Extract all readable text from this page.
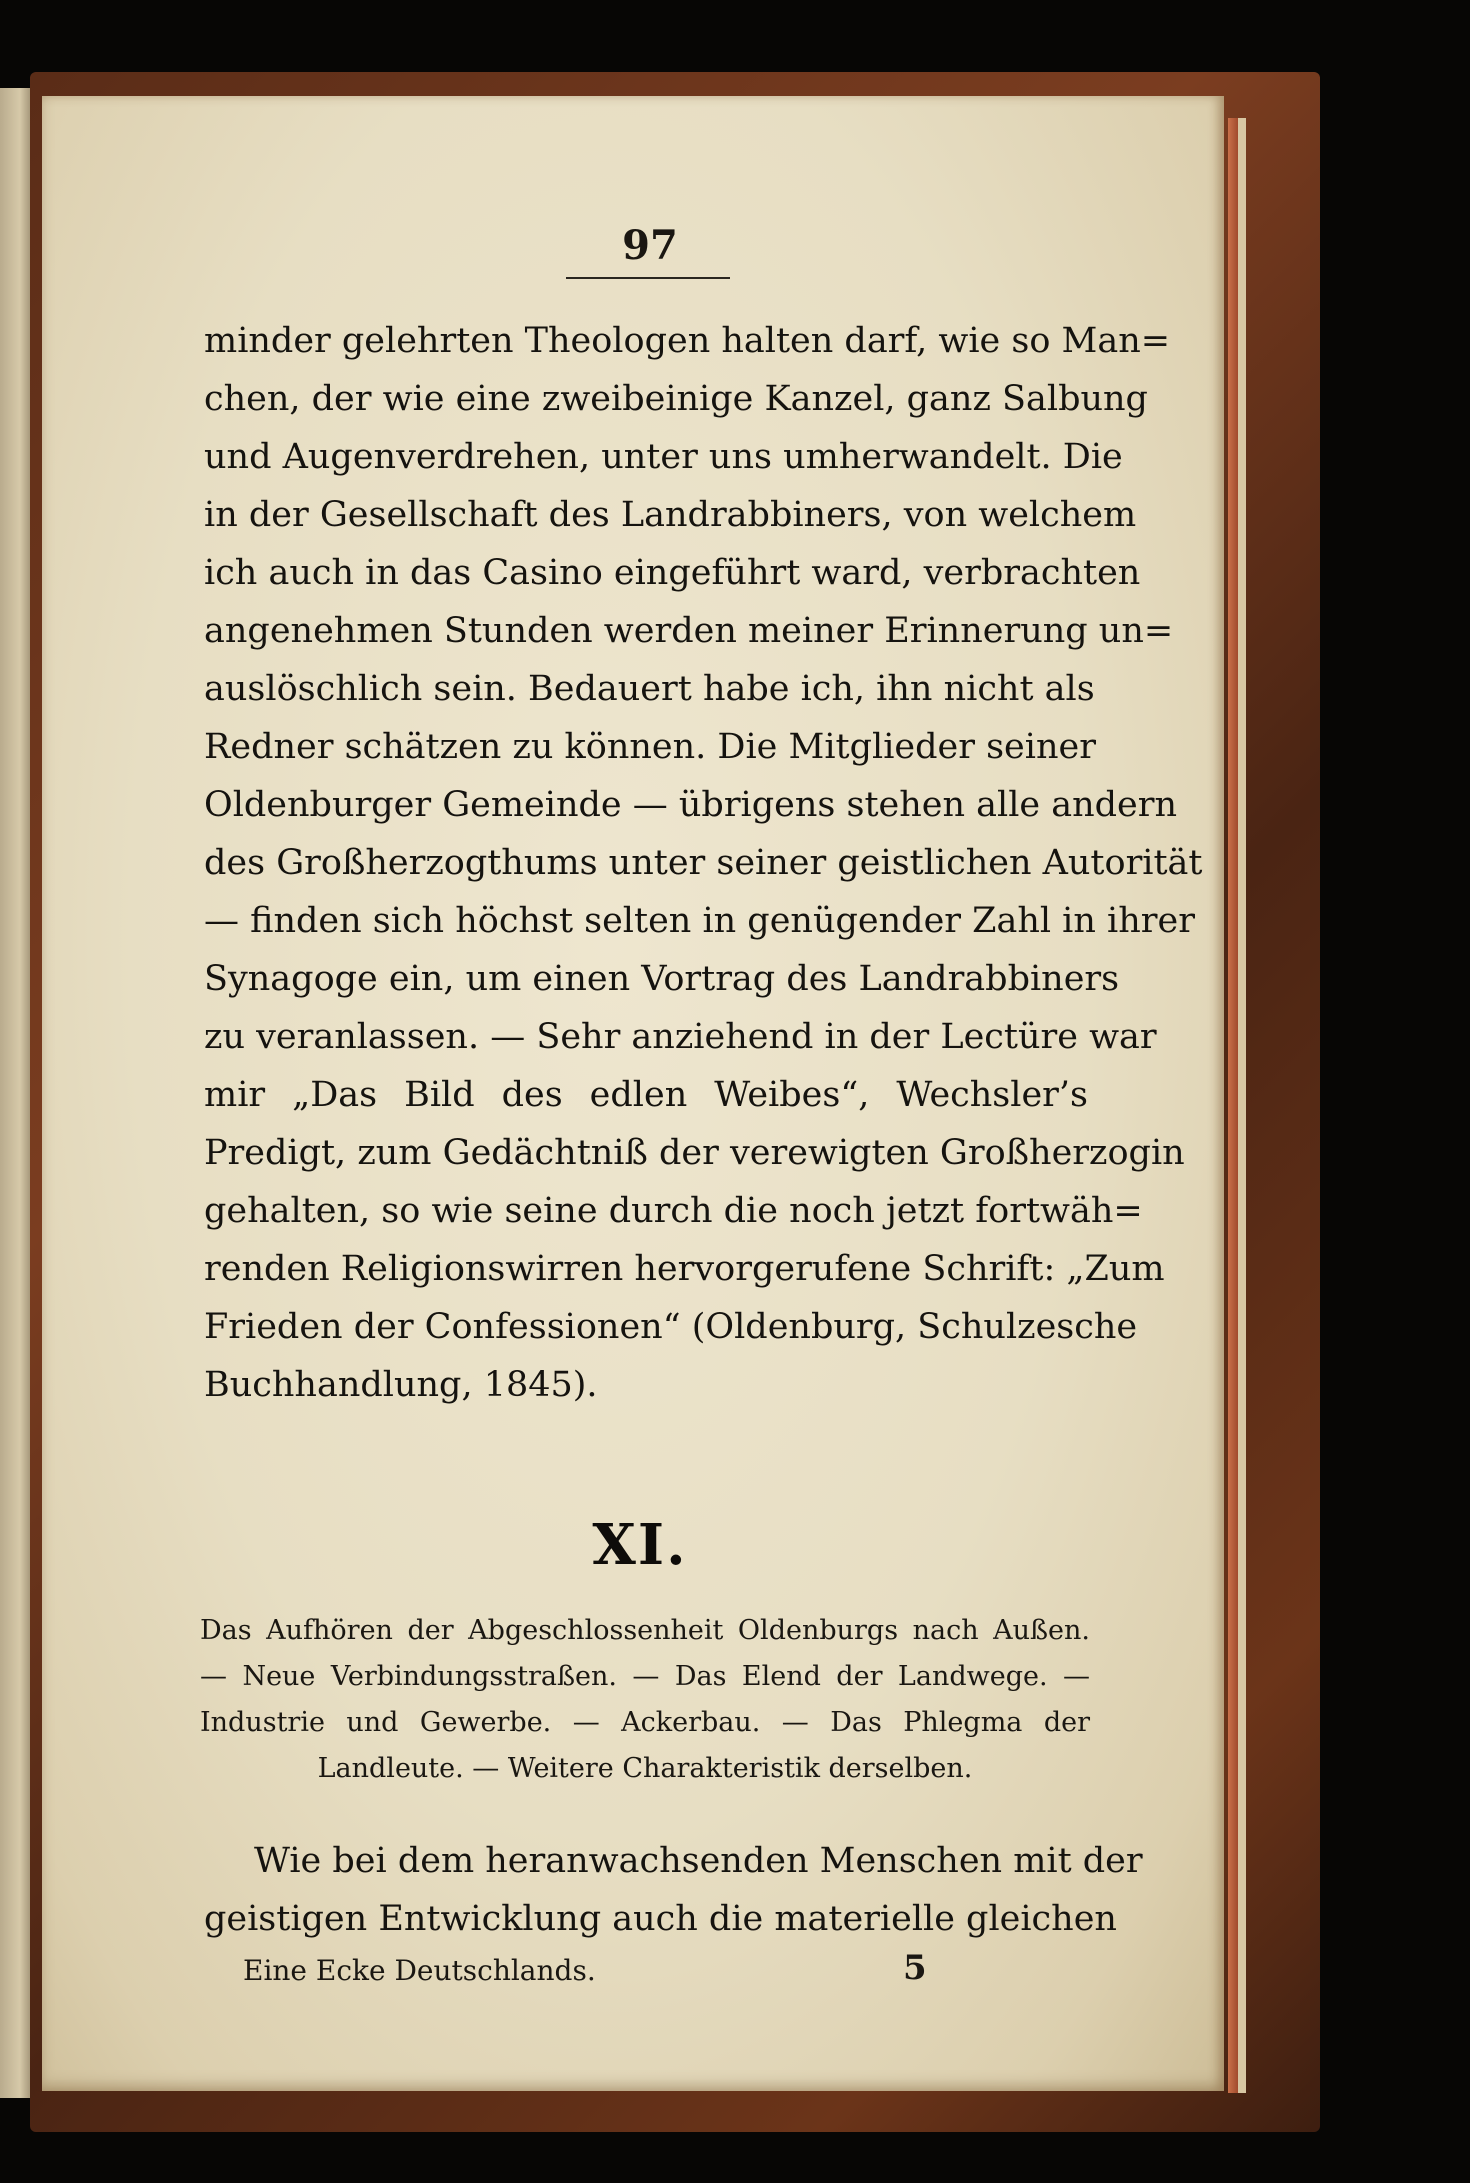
97
minder gelehrten Theologen halten darf, wie so Man=
chen, der wie eine zweibeinige Kanzel, ganz Salbung
und Augenverdrehen, unter uns umherwandelt. Die
in der Gesellschaft des Landrabbiners, von welchem
ich auch in das Casino eingeführt ward, verbrachten
angenehmen Stunden werden meiner Erinnerung un=
auslöschlich sein. Bedauert habe ich, ihn nicht als
Redner schätzen zu können. Die Mitglieder seiner
Oldenburger Gemeinde — übrigens stehen alle andern
des Großherzogthums unter seiner geistlichen Autorität
— finden sich höchst selten in genügender Zahl in ihrer
Synagoge ein, um einen Vortrag des Landrabbiners
zu veranlassen. — Sehr anziehend in der Lectüre war
mir „Das Bild des edlen Weibes“, Wechsler’s
Predigt, zum Gedächtniß der verewigten Großherzogin
gehalten, so wie seine durch die noch jetzt fortwäh=
renden Religionswirren hervorgerufene Schrift: „Zum
Frieden der Confessionen“ (Oldenburg, Schulzesche
Buchhandlung, 1845).
XI.
Das Aufhören der Abgeschlossenheit Oldenburgs nach Außen.
— Neue Verbindungsstraßen. — Das Elend der Landwege. —
Industrie und Gewerbe. — Ackerbau. — Das Phlegma der
Landleute. — Weitere Charakteristik derselben.
Wie bei dem heranwachsenden Menschen mit der
geistigen Entwicklung auch die materielle gleichen
Eine Ecke Deutschlands.	5
